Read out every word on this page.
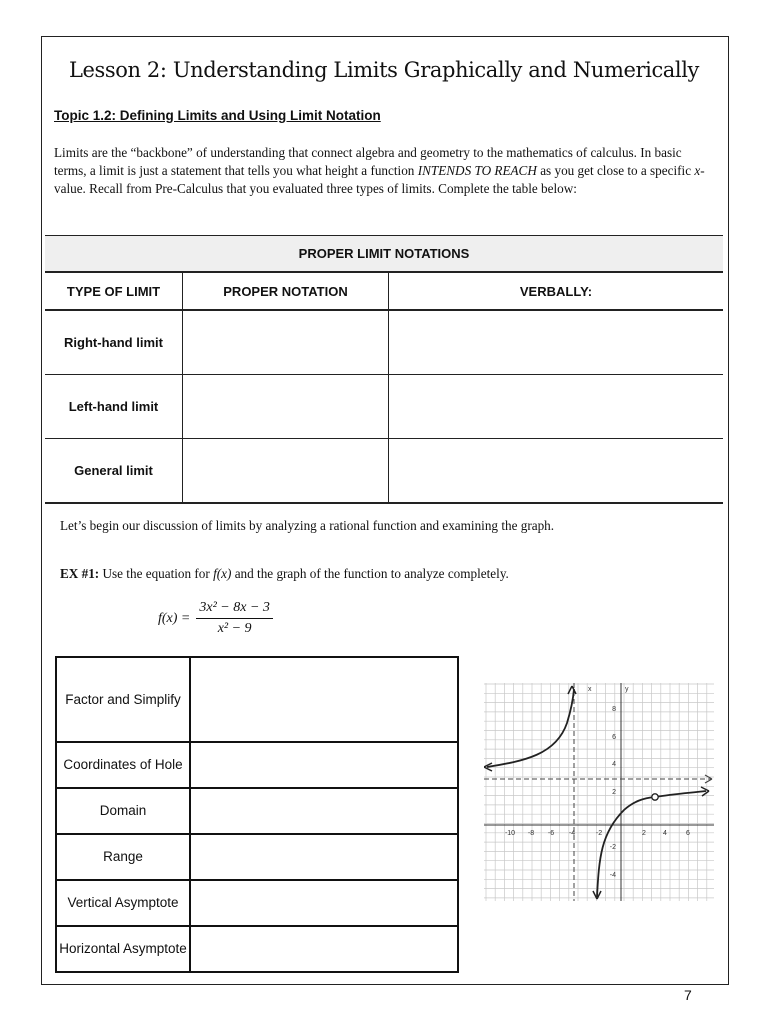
Lesson 2: Understanding Limits Graphically and Numerically
Topic 1.2: Defining Limits and Using Limit Notation
Limits are the “backbone” of understanding that connect algebra and geometry to the mathematics of calculus. In basic terms, a limit is just a statement that tells you what height a function INTENDS TO REACH as you get close to a specific x-value. Recall from Pre-Calculus that you evaluated three types of limits. Complete the table below:
PROPER LIMIT NOTATIONS		
TYPE OF LIMIT	PROPER NOTATION	VERBALLY:
Right-hand limit		
Left-hand limit		
General limit		
Let’s begin our discussion of limits by analyzing a rational function and examining the graph.
EX #1: Use the equation for f(x) and the graph of the function to analyze completely.
$f(x) = \frac{\text{3x² − 8x − 3}}{\text{x² − 9}}$
Factor and Simplify	
Coordinates of Hole	
Domain	
Range	
Vertical Asymptote	
Horizontal Asymptote	
x	y
-10 -8 -6 -4	-2	2 4	6
8
6
4
2
-2
-4
7
